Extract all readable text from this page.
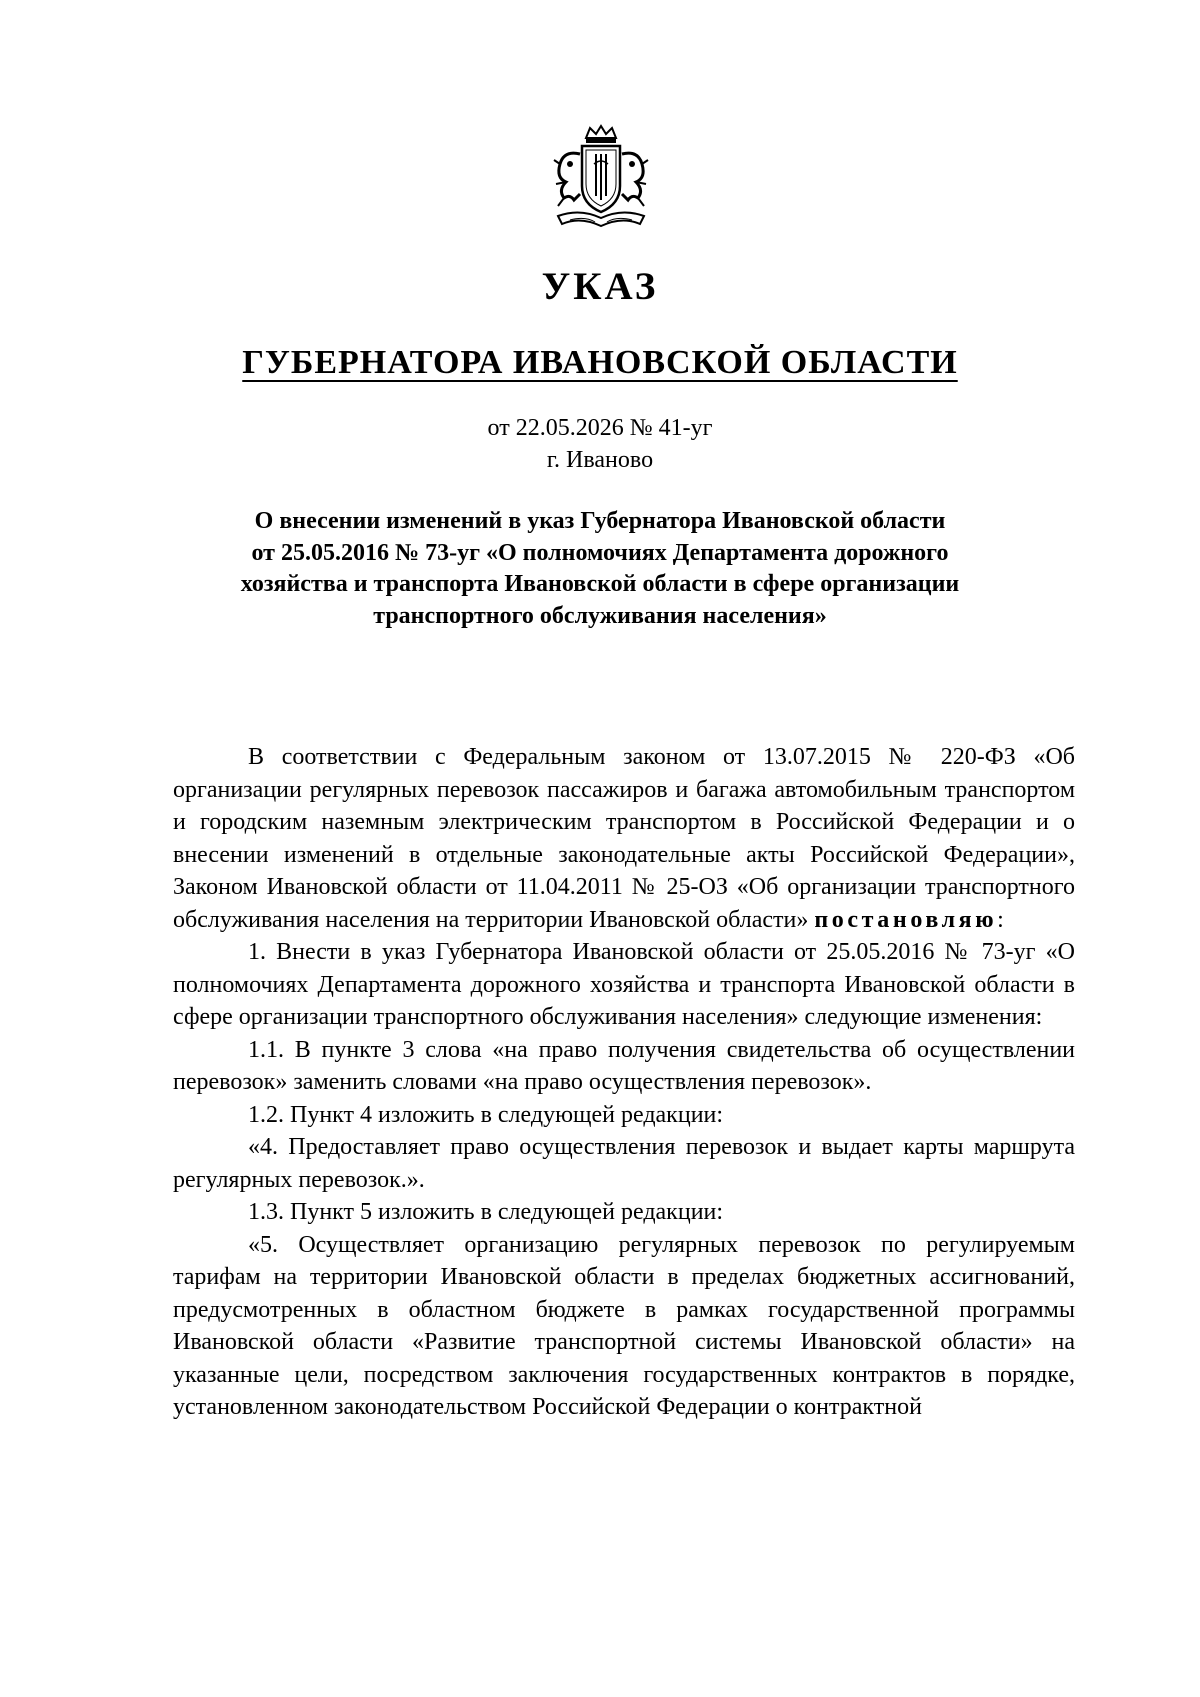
УКАЗ
ГУБЕРНАТОРА ИВАНОВСКОЙ ОБЛАСТИ
от 22.05.2026 № 41-уг
г. Иваново
О внесении изменений в указ Губернатора Ивановской области
от 25.05.2016 № 73-уг «О полномочиях Департамента дорожного
хозяйства и транспорта Ивановской области в сфере организации
транспортного обслуживания населения»

В соответствии с Федеральным законом от 13.07.2015 № 220-ФЗ «Об организации регулярных перевозок пассажиров и багажа автомобильным транспортом и городским наземным электрическим транспортом в Российской Федерации и о внесении изменений в отдельные законодательные акты Российской Федерации», Законом Ивановской области от 11.04.2011 № 25-ОЗ «Об организации транспортного обслуживания населения на территории Ивановской области» постановляю:

1. Внести в указ Губернатора Ивановской области от 25.05.2016 № 73-уг «О полномочиях Департамента дорожного хозяйства и транспорта Ивановской области в сфере организации транспортного обслуживания населения» следующие изменения:

1.1. В пункте 3 слова «на право получения свидетельства об осуществлении перевозок» заменить словами «на право осуществления перевозок».

1.2. Пункт 4 изложить в следующей редакции:

«4. Предоставляет право осуществления перевозок и выдает карты маршрута регулярных перевозок.».

1.3. Пункт 5 изложить в следующей редакции:

«5. Осуществляет организацию регулярных перевозок по регулируемым тарифам на территории Ивановской области в пределах бюджетных ассигнований, предусмотренных в областном бюджете в рамках государственной программы Ивановской области «Развитие транспортной системы Ивановской области» на указанные цели, посредством заключения государственных контрактов в порядке, установленном законодательством Российской Федерации о контрактной
